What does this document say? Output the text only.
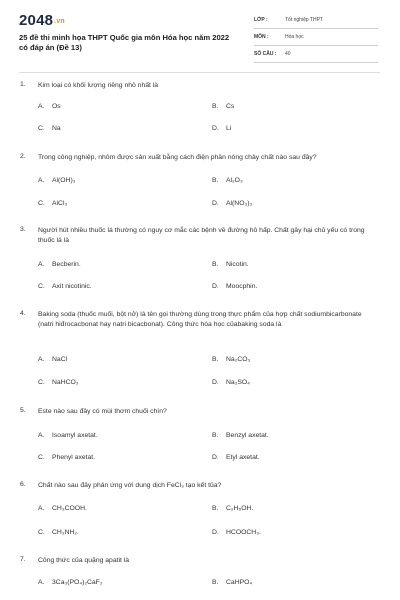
2048.vn
25 đề thi minh họa THPT Quốc gia môn Hóa học năm 2022 có đáp án (Đề 13)
LỚP :	Tốt nghiệp THPT
MÔN :	Hóa học
SỐ CÂU : 40
1. Kim loại có khối lượng riêng nhỏ nhất là
A. Os	B. Cs
C. Na	D. Li
2. Trong công nghiệp, nhôm được sản xuất bằng cách điện phân nóng chảy chất nào sau đây?
A. Al(OH)₃	B. Al₂O₃
C. AlCl₃	D. Al(NO₃)₃
3. Người hút nhiều thuốc lá thường có nguy cơ mắc các bệnh về đường hô hấp. Chất gây hại chủ yếu có trong thuốc lá là
A. Becberin.	B. Nicotin.
C. Axit nicotinic.	D. Moocphin.
4. Baking soda (thuốc muối, bột nở) là tên gọi thường dùng trong thực phẩm của hợp chất sodiumbicarbonate (natri hiđrocacbonat hay natri bicacbonat). Công thức hóa học củabaking soda là
A. NaCl	B. Na₂CO₃
C. NaHCO₃	D. Na₂SO₄
5. Este nào sau đây có mùi thơm chuối chín?
A. Isoamyl axetat.	B. Benzyl axetat.
C. Phenyl axetat.	D. Etyl axetat.
6. Chất nào sau đây phản ứng với dung dịch FeCl₃ tạo kết tủa?
A. CH₃COOH.	B. C₂H₅OH.
C. CH₃NH₂.	D. HCOOCH₃.
7. Công thức của quặng apatit là
A. 3Ca₃(PO₄)₂CaF₂	B. CaHPO₄
